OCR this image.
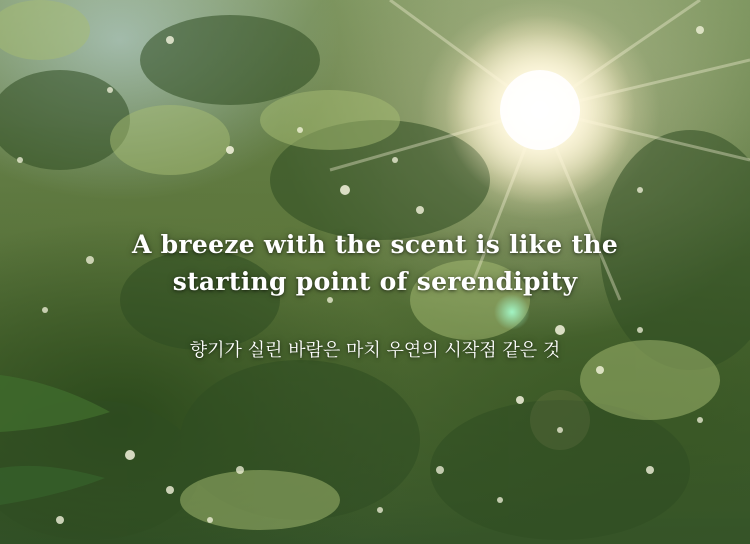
A breeze with the scent is like the
starting point of serendipity
향기가 실린 바람은 마치 우연의 시작점 같은 것
